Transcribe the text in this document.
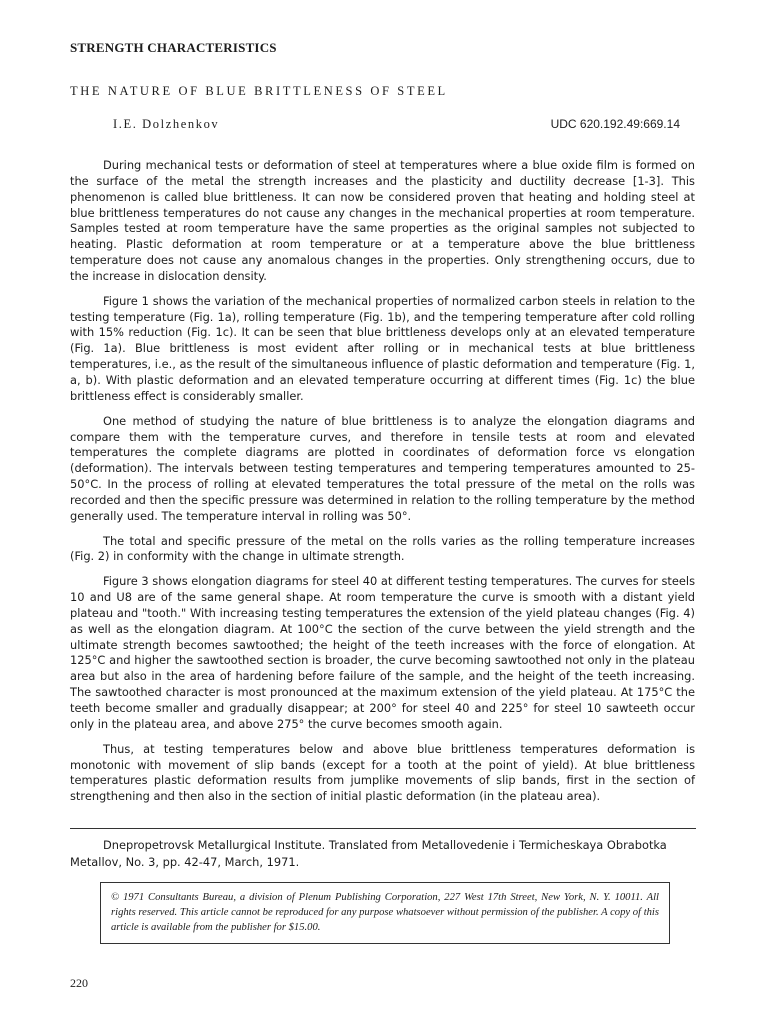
STRENGTH CHARACTERISTICS
THE NATURE OF BLUE BRITTLENESS OF STEEL
I.E. Dolzhenkov	UDC 620.192.49:669.14

During mechanical tests or deformation of steel at temperatures where a blue oxide film is formed on the surface of the metal the strength increases and the plasticity and ductility decrease [1-3]. This phenomenon is called blue brittleness. It can now be considered proven that heating and holding steel at blue brittleness temperatures do not cause any changes in the mechanical properties at room temperature. Samples tested at room temperature have the same properties as the original samples not subjected to heating. Plastic deformation at room temperature or at a temperature above the blue brittleness temperature does not cause any anomalous changes in the properties. Only strengthening occurs, due to the increase in dislocation density.

Figure 1 shows the variation of the mechanical properties of normalized carbon steels in relation to the testing temperature (Fig. 1a), rolling temperature (Fig. 1b), and the tempering temperature after cold rolling with 15% reduction (Fig. 1c). It can be seen that blue brittleness develops only at an elevated temperature (Fig. 1a). Blue brittleness is most evident after rolling or in mechanical tests at blue brittleness temperatures, i.e., as the result of the simultaneous influence of plastic deformation and temperature (Fig. 1, a, b). With plastic deformation and an elevated temperature occurring at different times (Fig. 1c) the blue brittleness effect is considerably smaller.

One method of studying the nature of blue brittleness is to analyze the elongation diagrams and compare them with the temperature curves, and therefore in tensile tests at room and elevated temperatures the complete diagrams are plotted in coordinates of deformation force vs elongation (deformation). The intervals between testing temperatures and tempering temperatures amounted to 25-50°C. In the process of rolling at elevated temperatures the total pressure of the metal on the rolls was recorded and then the specific pressure was determined in relation to the rolling temperature by the method generally used. The temperature interval in rolling was 50°.

The total and specific pressure of the metal on the rolls varies as the rolling temperature increases (Fig. 2) in conformity with the change in ultimate strength.

Figure 3 shows elongation diagrams for steel 40 at different testing temperatures. The curves for steels 10 and U8 are of the same general shape. At room temperature the curve is smooth with a distant yield plateau and "tooth." With increasing testing temperatures the extension of the yield plateau changes (Fig. 4) as well as the elongation diagram. At 100°C the section of the curve between the yield strength and the ultimate strength becomes sawtoothed; the height of the teeth increases with the force of elongation. At 125°C and higher the sawtoothed section is broader, the curve becoming sawtoothed not only in the plateau area but also in the area of hardening before failure of the sample, and the height of the teeth increasing. The sawtoothed character is most pronounced at the maximum extension of the yield plateau. At 175°C the teeth become smaller and gradually disappear; at 200° for steel 40 and 225° for steel 10 sawteeth occur only in the plateau area, and above 275° the curve becomes smooth again.

Thus, at testing temperatures below and above blue brittleness temperatures deformation is monotonic with movement of slip bands (except for a tooth at the point of yield). At blue brittleness temperatures plastic deformation results from jumplike movements of slip bands, first in the section of strengthening and then also in the section of initial plastic deformation (in the plateau area).

Dnepropetrovsk Metallurgical Institute. Translated from Metallovedenie i Termicheskaya Obrabotka Metallov, No. 3, pp. 42-47, March, 1971.
© 1971 Consultants Bureau, a division of Plenum Publishing Corporation, 227 West 17th Street, New York, N. Y. 10011. All rights reserved. This article cannot be reproduced for any purpose whatsoever without permission of the publisher. A copy of this article is available from the publisher for $15.00.
220
